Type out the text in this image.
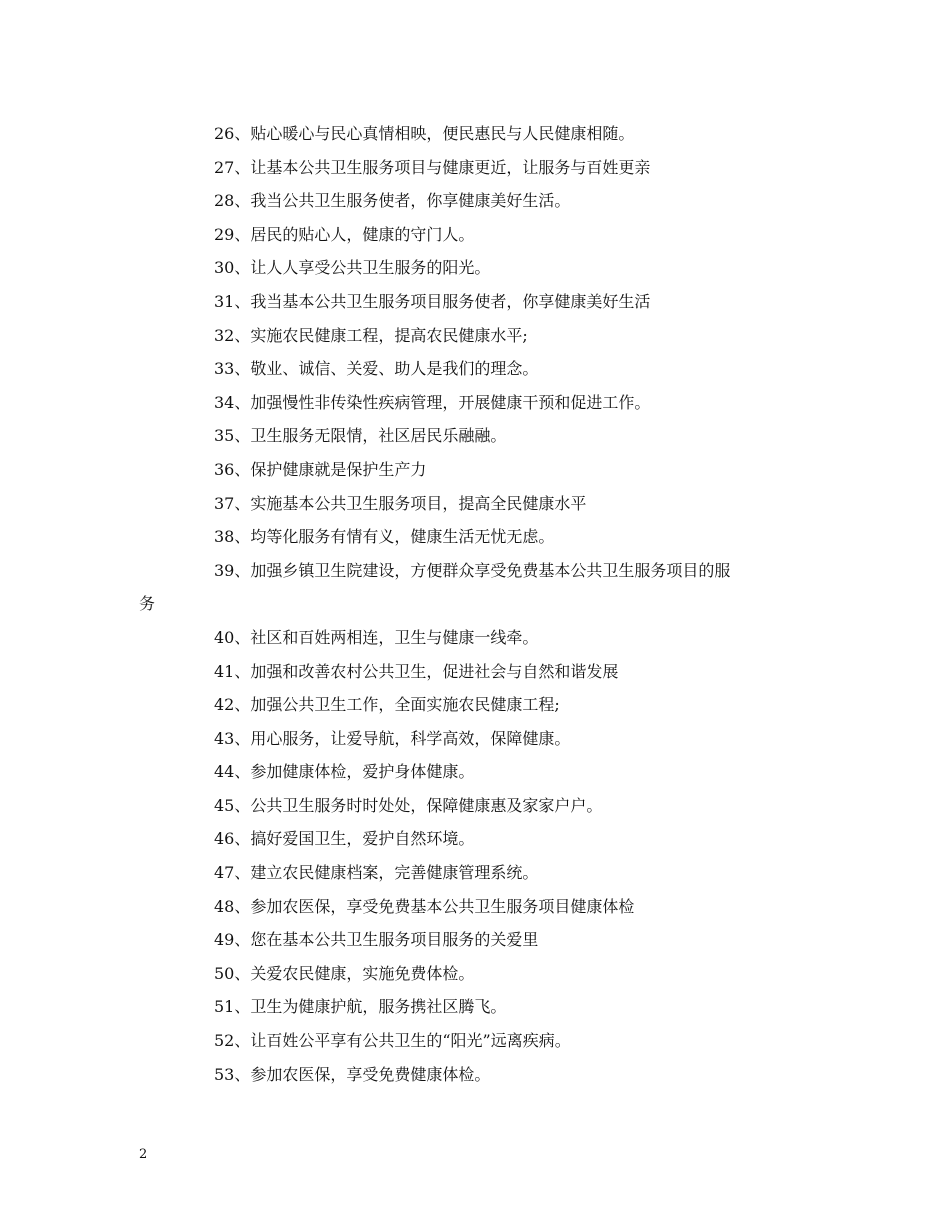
26、贴心暖心与民心真情相映，便民惠民与人民健康相随。
27、让基本公共卫生服务项目与健康更近，让服务与百姓更亲
28、我当公共卫生服务使者，你享健康美好生活。
29、居民的贴心人，健康的守门人。
30、让人人享受公共卫生服务的阳光。
31、我当基本公共卫生服务项目服务使者，你享健康美好生活
32、实施农民健康工程，提高农民健康水平;
33、敬业、诚信、关爱、助人是我们的理念。
34、加强慢性非传染性疾病管理，开展健康干预和促进工作。
35、卫生服务无限情，社区居民乐融融。
36、保护健康就是保护生产力
37、实施基本公共卫生服务项目，提高全民健康水平
38、均等化服务有情有义，健康生活无忧无虑。
39、加强乡镇卫生院建设，方便群众享受免费基本公共卫生服务项目的服
务
40、社区和百姓两相连，卫生与健康一线牵。
41、加强和改善农村公共卫生，促进社会与自然和谐发展
42、加强公共卫生工作，全面实施农民健康工程;
43、用心服务，让爱导航，科学高效，保障健康。
44、参加健康体检，爱护身体健康。
45、公共卫生服务时时处处，保障健康惠及家家户户。
46、搞好爱国卫生，爱护自然环境。
47、建立农民健康档案，完善健康管理系统。
48、参加农医保，享受免费基本公共卫生服务项目健康体检
49、您在基本公共卫生服务项目服务的关爱里
50、关爱农民健康，实施免费体检。
51、卫生为健康护航，服务携社区腾飞。
52、让百姓公平享有公共卫生的“阳光”远离疾病。
53、参加农医保，享受免费健康体检。
2
